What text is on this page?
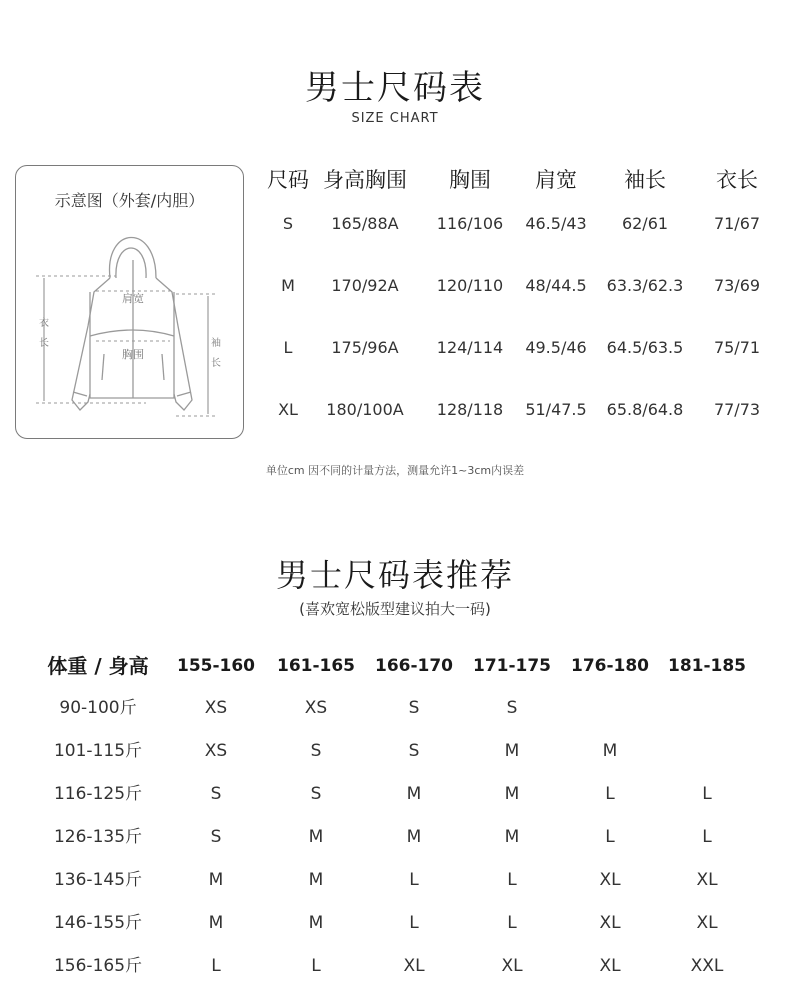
男士尺码表
SIZE CHART
示意图（外套/内胆）
肩宽
胸围
衣
长	袖
长
尺码 身高胸围	胸围	肩宽	袖长	衣长
S	165/88A	116/106	46.5/43	62/61	71/67
M	170/92A	120/110	48/44.5	63.3/62.3	73/69
L	175/96A	124/114	49.5/46	64.5/63.5	75/71
XL	180/100A	128/118	51/47.5	65.8/64.8	77/73
单位cm 因不同的计量方法，测量允许1~3cm内误差
男士尺码表推荐
(喜欢宽松版型建议拍大一码)
体重 / 身高	155-160	161-165	166-170	171-175	176-180	181-185
90-100斤	XS	XS	S	S
101-115斤	XS	S	S	M	M
116-125斤	S	S	M	M	L	L
126-135斤	S	M	M	M	L	L
136-145斤	M	M	L	L	XL	XL
146-155斤	M	M	L	L	XL	XL
156-165斤	L	L	XL	XL	XL	XXL
